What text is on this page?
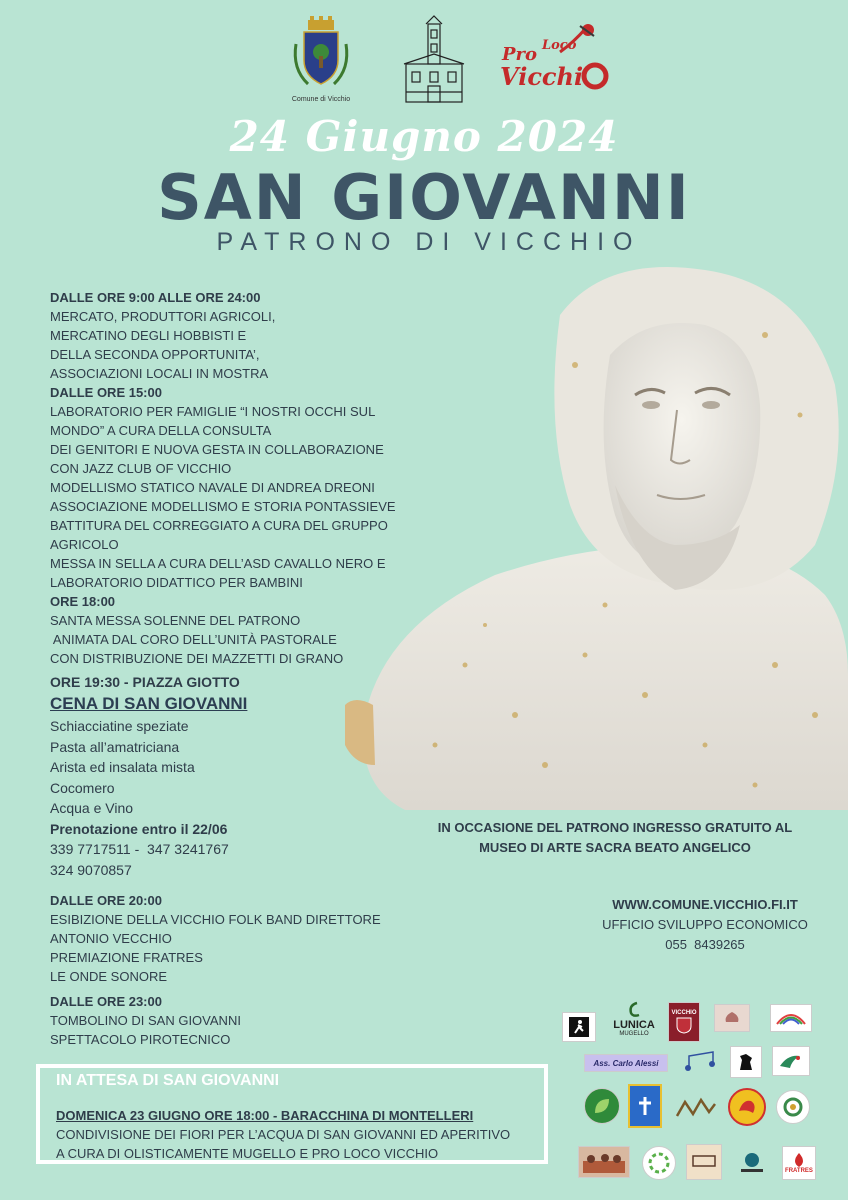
Comune di Vicchio
Pro Loco
Vicchi
24 Giugno 2024
SAN GIOVANNI
PATRONO DI VICCHIO
DALLE ORE 9:00 ALLE ORE 24:00
MERCATO, PRODUTTORI AGRICOLI,
MERCATINO DEGLI HOBBISTI E
DELLA SECONDA OPPORTUNITA’,
ASSOCIAZIONI LOCALI IN MOSTRA
DALLE ORE 15:00
LABORATORIO PER FAMIGLIE “I NOSTRI OCCHI SUL
MONDO” A CURA DELLA CONSULTA
DEI GENITORI E NUOVA GESTA IN COLLABORAZIONE
CON JAZZ CLUB OF VICCHIO
MODELLISMO STATICO NAVALE DI ANDREA DREONI
ASSOCIAZIONE MODELLISMO E STORIA PONTASSIEVE
BATTITURA DEL CORREGGIATO A CURA DEL GRUPPO
AGRICOLO
MESSA IN SELLA A CURA DELL’ASD CAVALLO NERO E
LABORATORIO DIDATTICO PER BAMBINI
ORE 18:00
SANTA MESSA SOLENNE DEL PATRONO
ANIMATA DAL CORO DELL’UNITÀ PASTORALE
CON DISTRIBUZIONE DEI MAZZETTI DI GRANO
ORE 19:30 - PIAZZA GIOTTO
CENA DI SAN GIOVANNI
Schiacciatine speziate
Pasta all’amatriciana
Arista ed insalata mista
Cocomero
Acqua e Vino
Prenotazione entro il 22/06
339 7717511 -  347 3241767
324 9070857
DALLE ORE 20:00
ESIBIZIONE DELLA VICCHIO FOLK BAND DIRETTORE
ANTONIO VECCHIO
PREMIAZIONE FRATRES
LE ONDE SONORE
DALLE ORE 23:00
TOMBOLINO DI SAN GIOVANNI
SPETTACOLO PIROTECNICO
IN OCCASIONE DEL PATRONO INGRESSO GRATUITO AL
MUSEO DI ARTE SACRA BEATO ANGELICO
WWW.COMUNE.VICCHIO.FI.IT
UFFICIO SVILUPPO ECONOMICO
055  8439265
LUNICA
MUGELLO
VICCHIO
Ass. Carlo Alessi
FRATRES
IN ATTESA DI SAN GIOVANNI
DOMENICA 23 GIUGNO ORE 18:00 - BARACCHINA DI MONTELLERI
CONDIVISIONE DEI FIORI PER L’ACQUA DI SAN GIOVANNI ED APERITIVO
A CURA DI OLISTICAMENTE MUGELLO E PRO LOCO VICCHIO
